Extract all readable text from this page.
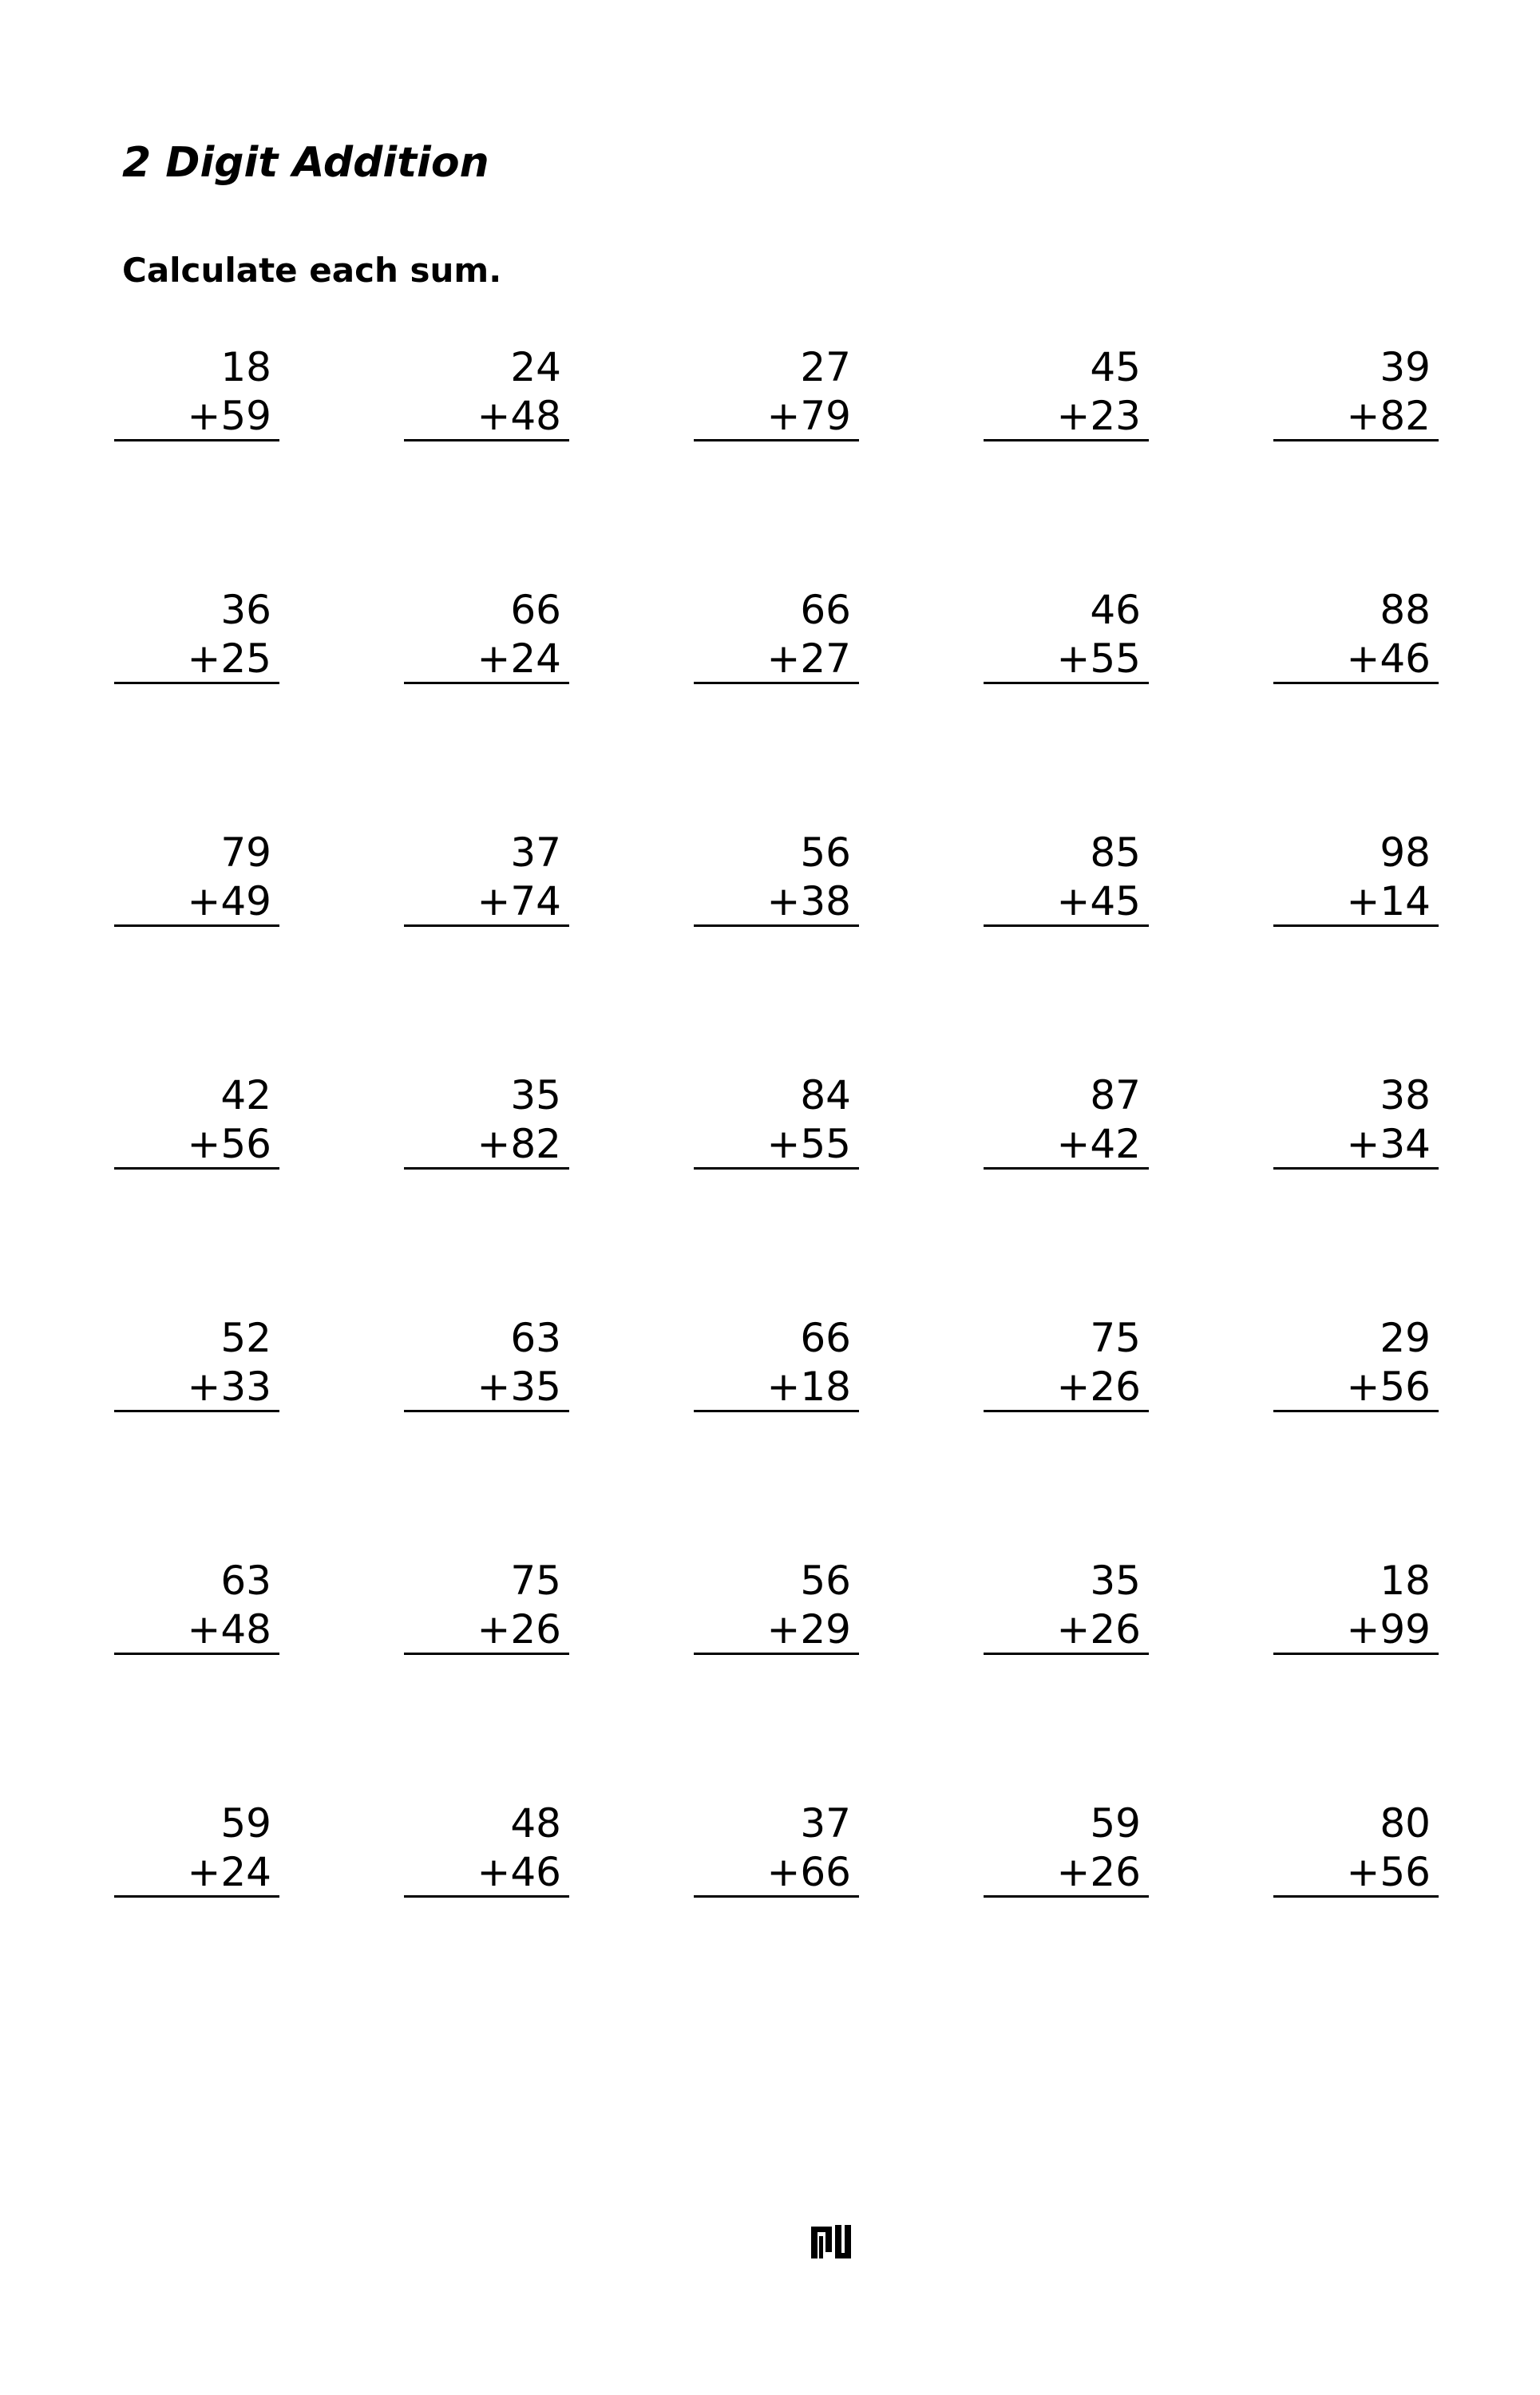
2 Digit Addition
Calculate each sum.
18
+59
24
+48
27
+79
45
+23
39
+82
36
+25
66
+24
66
+27
46
+55
88
+46
79
+49
37
+74
56
+38
85
+45
98
+14
42
+56
35
+82
84
+55
87
+42
38
+34
52
+33
63
+35
66
+18
75
+26
29
+56
63
+48
75
+26
56
+29
35
+26
18
+99
59
+24
48
+46
37
+66
59
+26
80
+56
